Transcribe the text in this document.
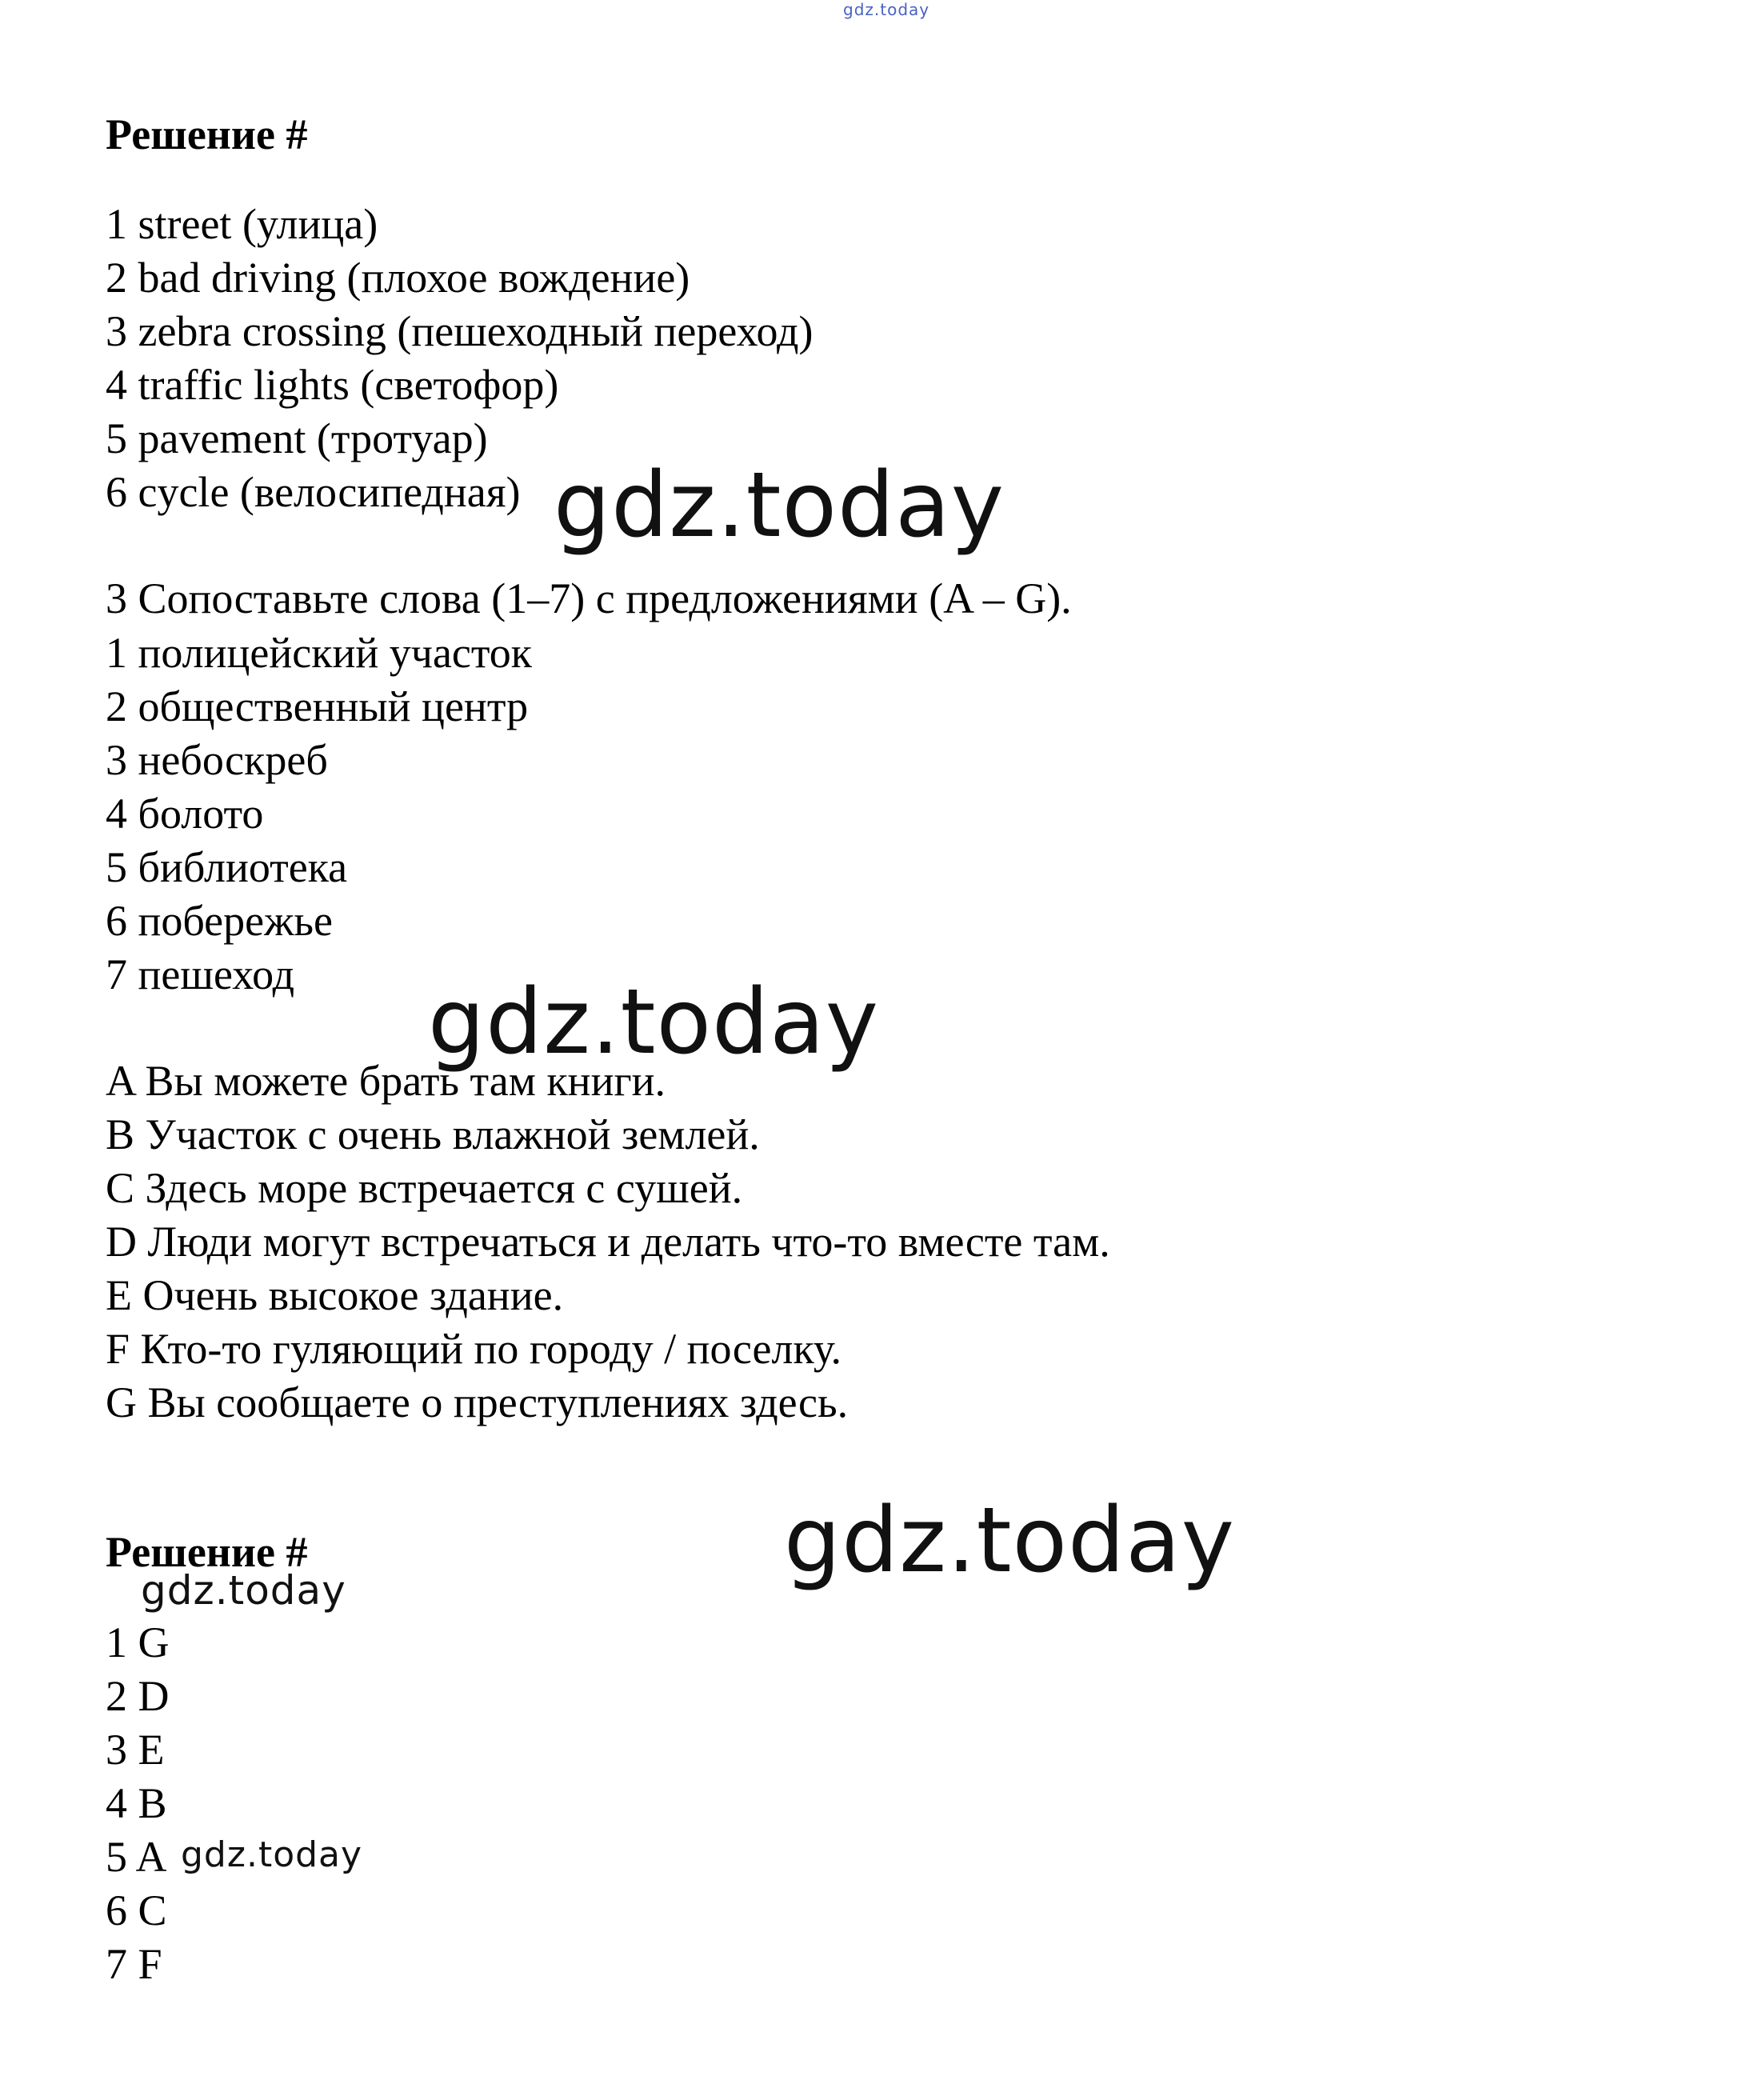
gdz.today
Решение #
1 street (улица)
2 bad driving (плохое вождение)
3 zebra crossing (пешеходный переход)
4 traffic lights (светофор)
5 pavement (тротуар)
6 cycle (велосипедная) gdz.today
3 Сопоставьте слова (1–7) с предложениями (A – G).
1 полицейский участок
2 общественный центр
3 небоскреб
4 болото
5 библиотека
6 побережье
7 пешеход gdz.today
A Вы можете брать там книги.
B Участок с очень влажной землей.
C Здесь море встречается с сушей.
D Люди могут встречаться и делать что-то вместе там.
E Очень высокое здание.
F Кто-то гуляющий по городу / поселку.
G Вы сообщаете о преступлениях здесь.
Решение #	gdz.today
gdz.today
1 G
2 D
3 E
4 B
5 A gdz.today
6 C
7 F
